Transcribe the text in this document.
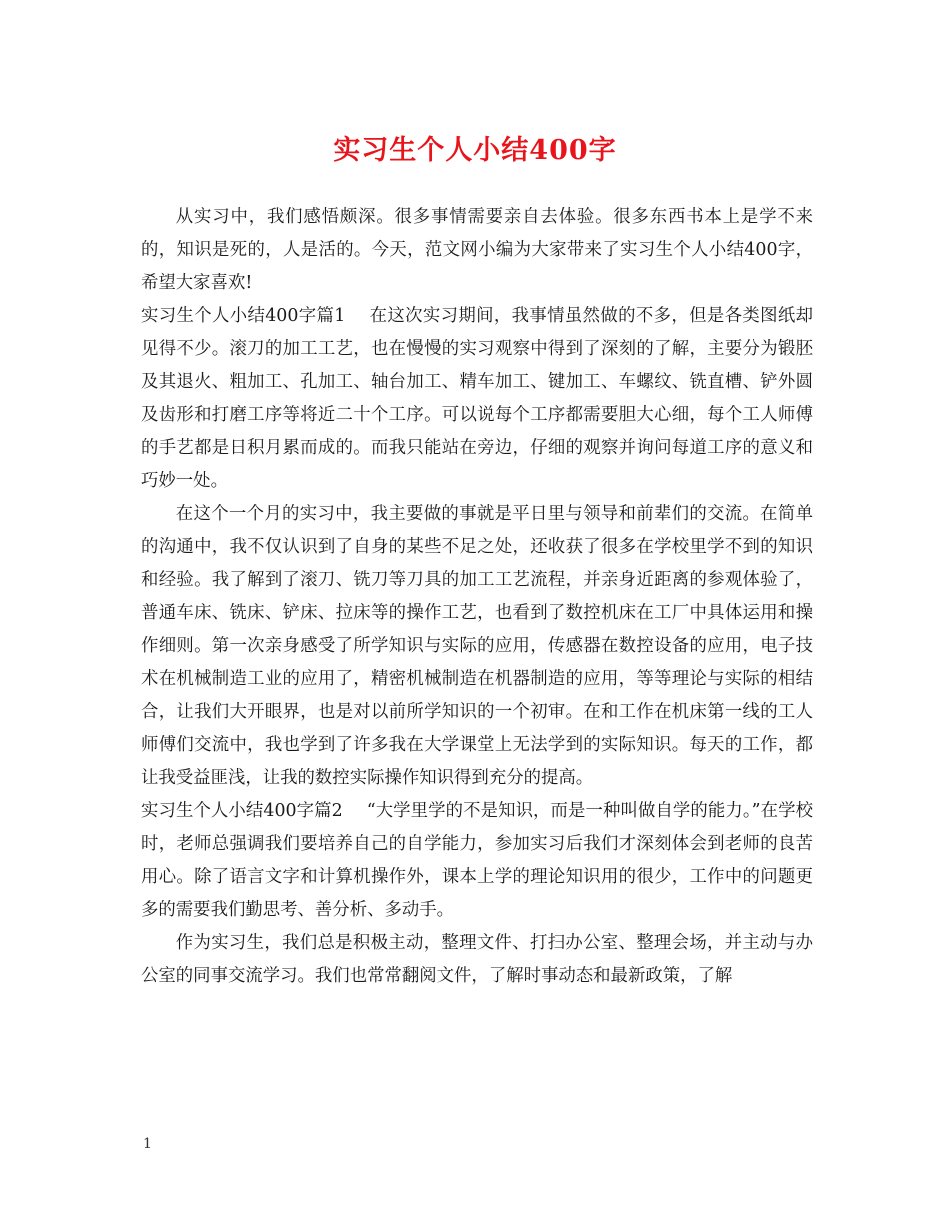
实习生个人小结400字

从实习中，我们感悟颇深。很多事情需要亲自去体验。很多东西书本上是学不来的，知识是死的，人是活的。今天，范文网小编为大家带来了实习生个人小结400字，希望大家喜欢!

实习生个人小结400字篇1 在这次实习期间，我事情虽然做的不多，但是各类图纸却见得不少。滚刀的加工工艺，也在慢慢的实习观察中得到了深刻的了解，主要分为锻胚及其退火、粗加工、孔加工、轴台加工、精车加工、键加工、车螺纹、铣直槽、铲外圆及齿形和打磨工序等将近二十个工序。可以说每个工序都需要胆大心细，每个工人师傅的手艺都是日积月累而成的。而我只能站在旁边，仔细的观察并询问每道工序的意义和巧妙一处。

在这个一个月的实习中，我主要做的事就是平日里与领导和前辈们的交流。在简单的沟通中，我不仅认识到了自身的某些不足之处，还收获了很多在学校里学不到的知识和经验。我了解到了滚刀、铣刀等刀具的加工工艺流程，并亲身近距离的参观体验了，普通车床、铣床、铲床、拉床等的操作工艺，也看到了数控机床在工厂中具体运用和操作细则。第一次亲身感受了所学知识与实际的应用，传感器在数控设备的应用，电子技术在机械制造工业的应用了，精密机械制造在机器制造的应用，等等理论与实际的相结合，让我们大开眼界，也是对以前所学知识的一个初审。在和工作在机床第一线的工人师傅们交流中，我也学到了许多我在大学课堂上无法学到的实际知识。每天的工作，都让我受益匪浅，让我的数控实际操作知识得到充分的提高。

实习生个人小结400字篇2 “大学里学的不是知识，而是一种叫做自学的能力。”在学校时，老师总强调我们要培养自己的自学能力，参加实习后我们才深刻体会到老师的良苦用心。除了语言文字和计算机操作外，课本上学的理论知识用的很少，工作中的问题更多的需要我们勤思考、善分析、多动手。

作为实习生，我们总是积极主动，整理文件、打扫办公室、整理会场，并主动与办公室的同事交流学习。我们也常常翻阅文件，了解时事动态和最新政策，了解

1
